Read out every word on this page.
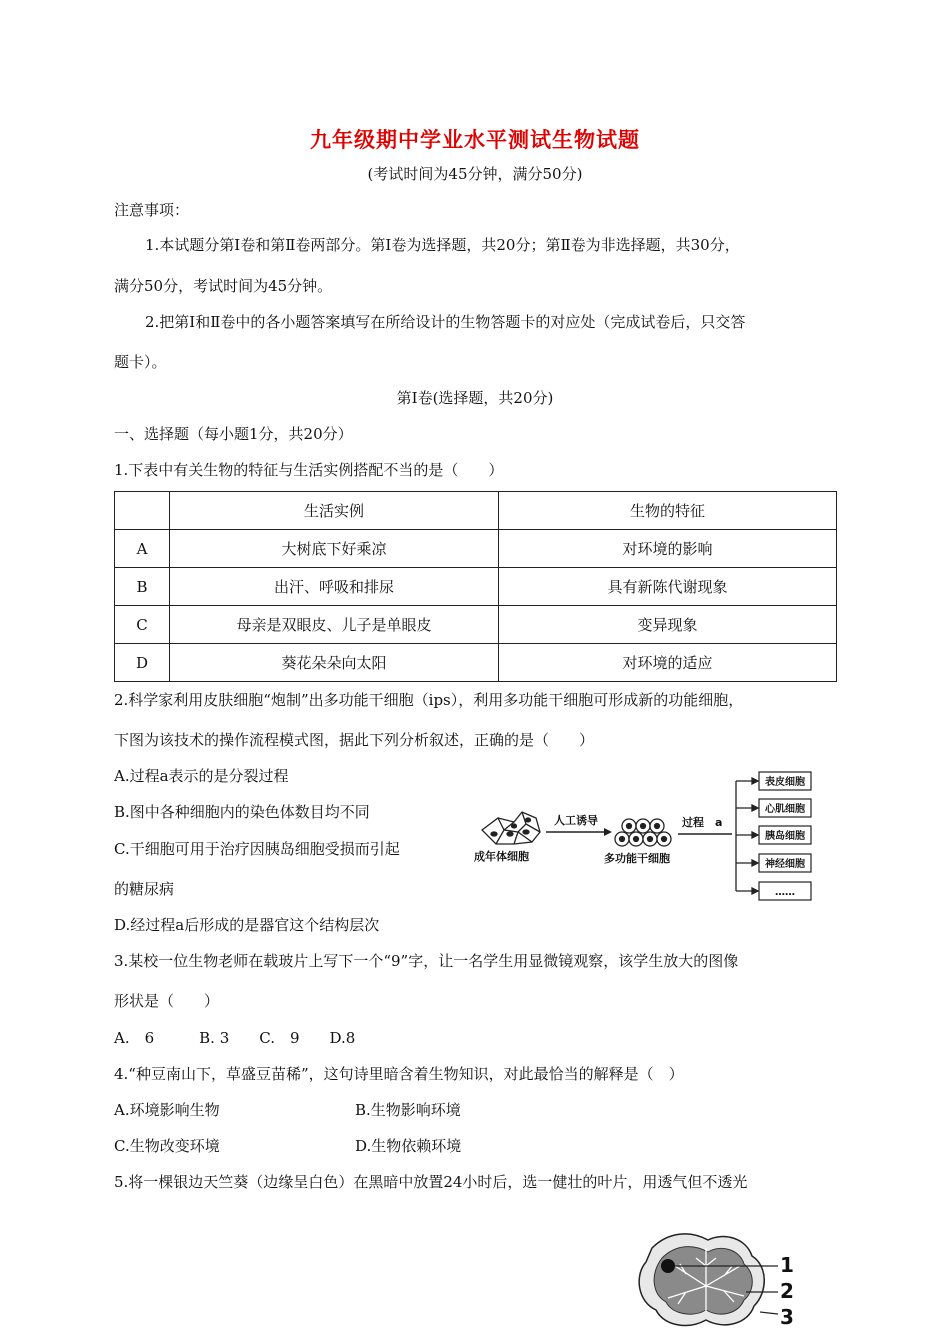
九年级期中学业水平测试生物试题
(考试时间为45分钟，满分50分)
注意事项：
1.本试题分第Ⅰ卷和第Ⅱ卷两部分。第Ⅰ卷为选择题，共20分；第Ⅱ卷为非选择题，共30分，
满分50分，考试时间为45分钟。
2.把第Ⅰ和Ⅱ卷中的各小题答案填写在所给设计的生物答题卡的对应处（完成试卷后，只交答
题卡）。
第Ⅰ卷(选择题，共20分)
一、选择题（每小题1分，共20分）
1.下表中有关生物的特征与生活实例搭配不当的是（　　）
	生活实例	生物的特征
A	大树底下好乘凉	对环境的影响
B	出汗、呼吸和排尿	具有新陈代谢现象
C	母亲是双眼皮、儿子是单眼皮	变异现象
D	葵花朵朵向太阳	对环境的适应
2.科学家利用皮肤细胞“炮制”出多功能干细胞（ips），利用多功能干细胞可形成新的功能细胞，
下图为该技术的操作流程模式图，据此下列分析叙述，正确的是（　　）
A.过程a表示的是分裂过程
B.图中各种细胞内的染色体数目均不同
C.干细胞可用于治疗因胰岛细胞受损而引起
的糖尿病
D.经过程a后形成的是器官这个结构层次
成年体细胞
人工诱导
多功能干细胞
过程　a
表皮细胞
心肌细胞
胰岛细胞
神经细胞
……
3.某校一位生物老师在载玻片上写下一个“9”字，让一名学生用显微镜观察，该学生放大的图像
形状是（　　）
A.　6　　　B. 3　　C.　9　　D.8
4.“种豆南山下，草盛豆苗稀”，这句诗里暗含着生物知识，对此最恰当的解释是（　）
A.环境影响生物	B.生物影响环境
C.生物改变环境	D.生物依赖环境
5.将一棵银边天竺葵（边缘呈白色）在黑暗中放置24小时后，选一健壮的叶片，用透气但不透光
1
2
3
